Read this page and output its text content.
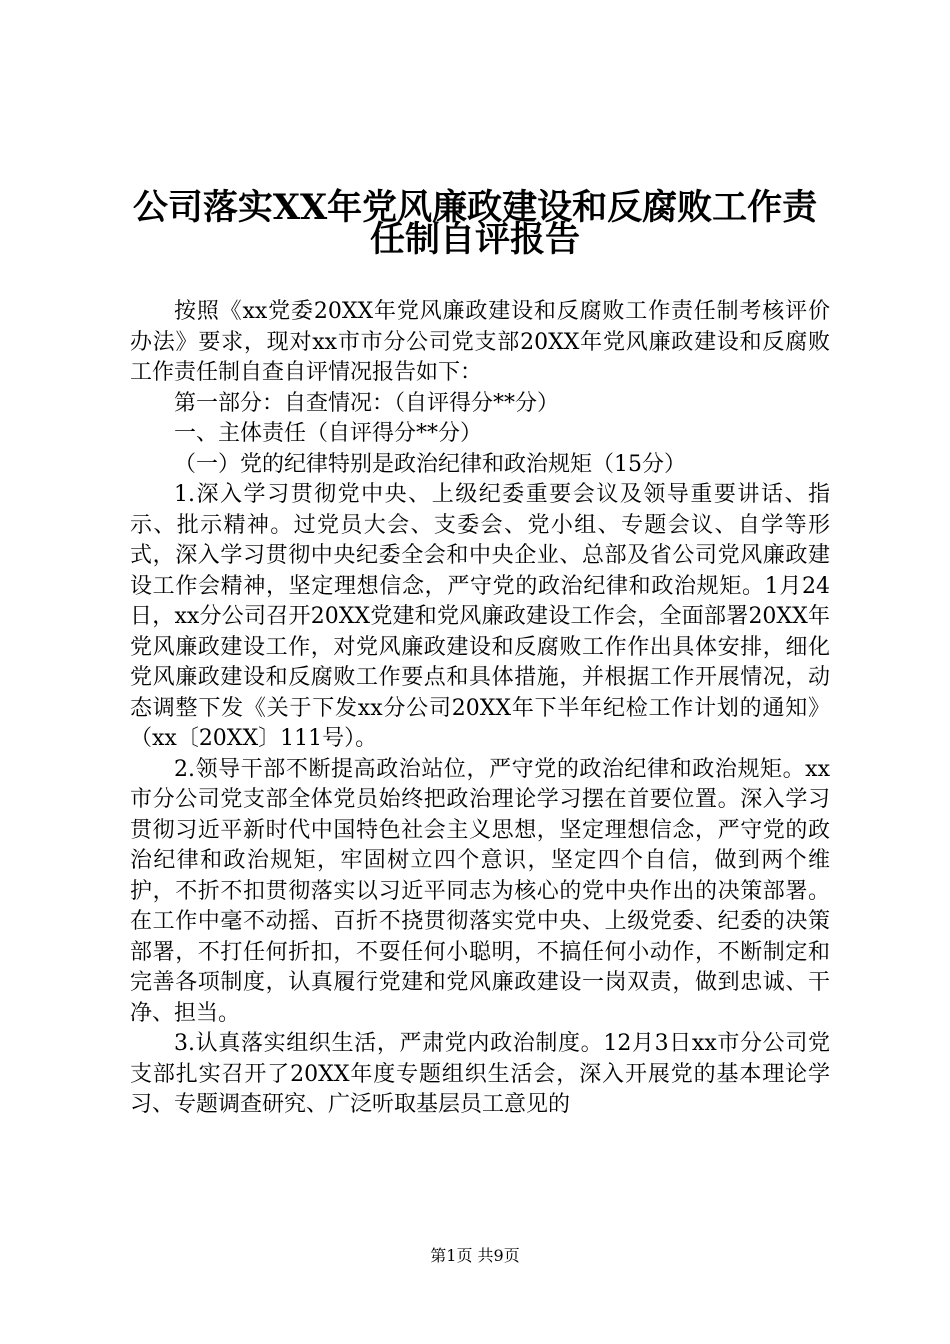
公司落实XX年党风廉政建设和反腐败工作责
任制自评报告

按照《xx党委20XX年党风廉政建设和反腐败工作责任制考核评价办法》要求，现对xx市市分公司党支部20XX年党风廉政建设和反腐败工作责任制自查自评情况报告如下：

第一部分：自查情况：（自评得分**分）

一、主体责任（自评得分**分）

（一）党的纪律特别是政治纪律和政治规矩（15分）

1.深入学习贯彻党中央、上级纪委重要会议及领导重要讲话、指示、批示精神。过党员大会、支委会、党小组、专题会议、自学等形式，深入学习贯彻中央纪委全会和中央企业、总部及省公司党风廉政建设工作会精神，坚定理想信念，严守党的政治纪律和政治规矩。1月24日，xx分公司召开20XX党建和党风廉政建设工作会，全面部署20XX年党风廉政建设工作，对党风廉政建设和反腐败工作作出具体安排，细化党风廉政建设和反腐败工作要点和具体措施，并根据工作开展情况，动态调整下发《关于下发xx分公司20XX年下半年纪检工作计划的通知》（xx〔20XX〕111号）。

2.领导干部不断提高政治站位，严守党的政治纪律和政治规矩。xx市分公司党支部全体党员始终把政治理论学习摆在首要位置。深入学习贯彻习近平新时代中国特色社会主义思想，坚定理想信念，严守党的政治纪律和政治规矩，牢固树立四个意识，坚定四个自信，做到两个维护，不折不扣贯彻落实以习近平同志为核心的党中央作出的决策部署。在工作中毫不动摇、百折不挠贯彻落实党中央、上级党委、纪委的决策部署，不打任何折扣，不耍任何小聪明，不搞任何小动作，不断制定和完善各项制度，认真履行党建和党风廉政建设一岗双责，做到忠诚、干净、担当。

3.认真落实组织生活，严肃党内政治制度。12月3日xx市分公司党支部扎实召开了20XX年度专题组织生活会，深入开展党的基本理论学习、专题调查研究、广泛听取基层员工意见的

第1页 共9页
